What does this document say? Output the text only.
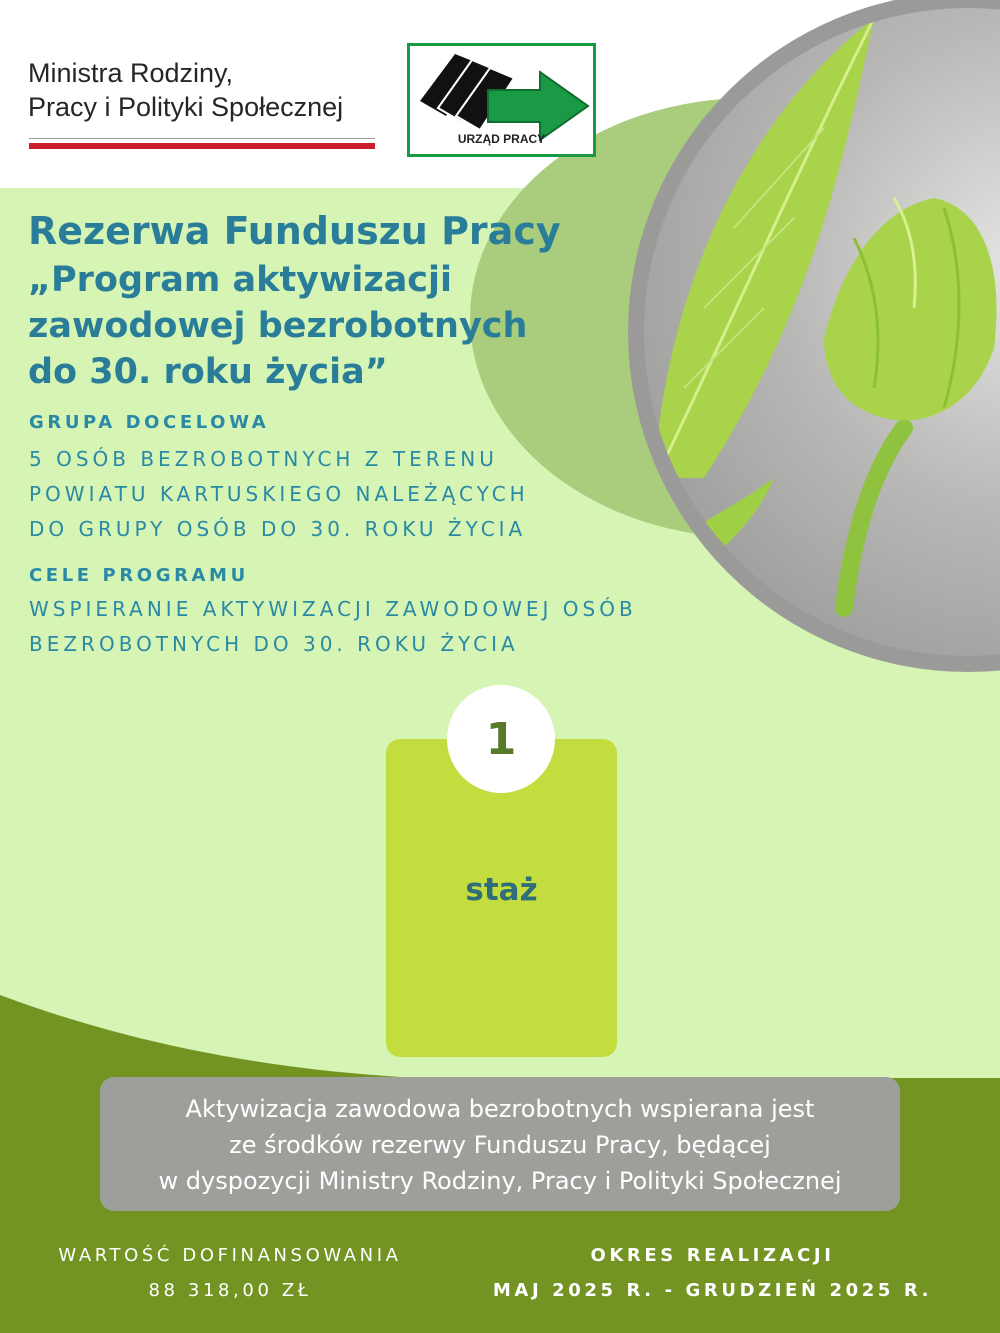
Ministra Rodziny,
Pracy i Polityki Społecznej
URZĄD PRACY
Rezerwa Funduszu Pracy
„Program aktywizacji
zawodowej bezrobotnych
do 30. roku życia”
GRUPA DOCELOWA
5 OSÓB BEZROBOTNYCH Z TERENU
POWIATU KARTUSKIEGO NALEŻĄCYCH
DO GRUPY OSÓB DO 30. ROKU ŻYCIA
CELE PROGRAMU
WSPIERANIE AKTYWIZACJI ZAWODOWEJ OSÓB
BEZROBOTNYCH DO 30. ROKU ŻYCIA
1
staż
Aktywizacja zawodowa bezrobotnych wspierana jest
ze środków rezerwy Funduszu Pracy, będącej
w dyspozycji Ministry Rodziny, Pracy i Polityki Społecznej
WARTOŚĆ DOFINANSOWANIA
88 318,00 ZŁ
OKRES REALIZACJI
MAJ 2025 R. - GRUDZIEŃ 2025 R.
